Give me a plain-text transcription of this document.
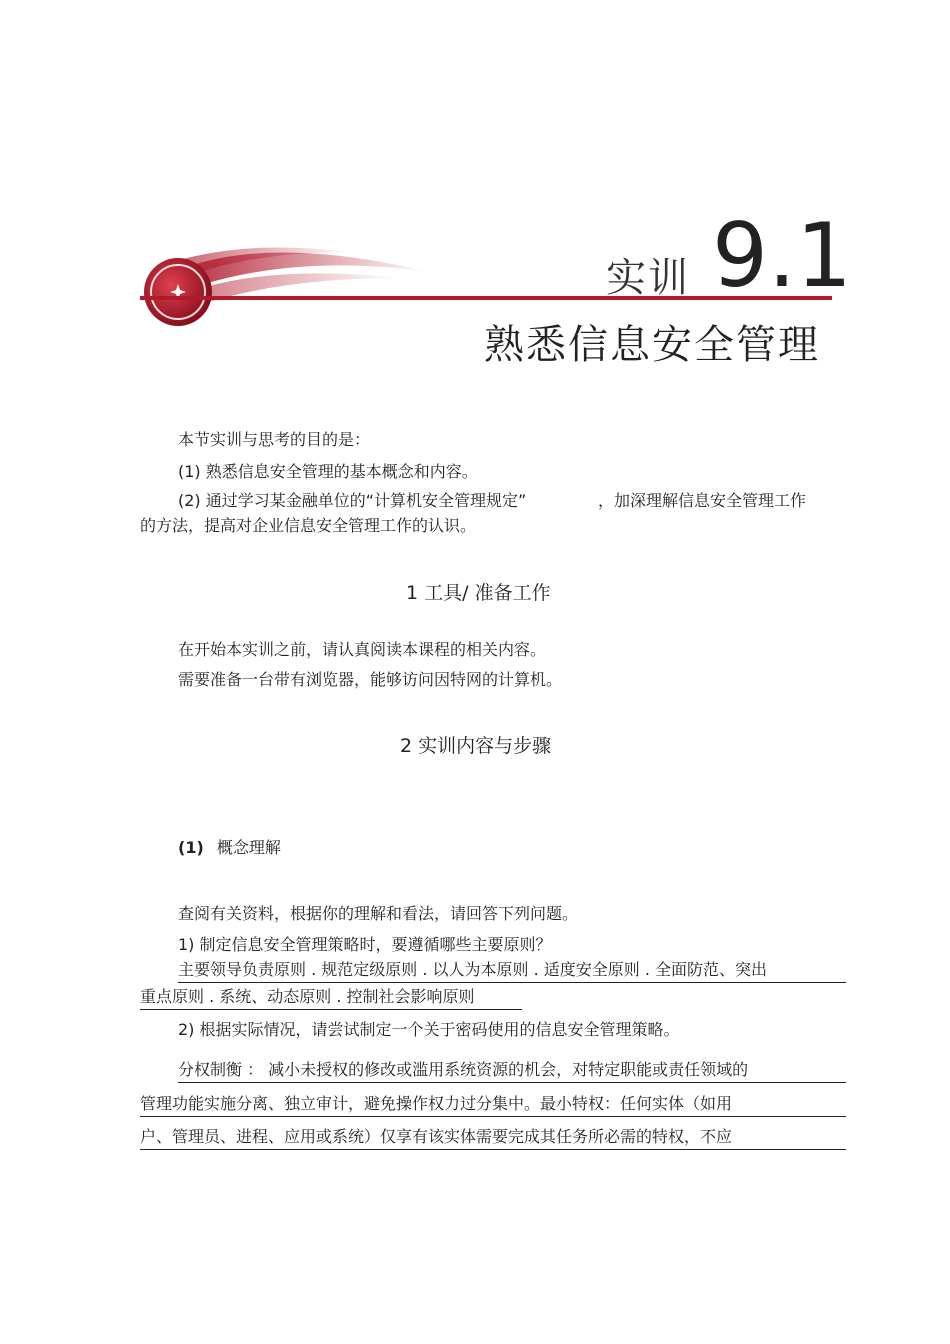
实训 9.1
熟悉信息安全管理
本节实训与思考的目的是：
(1) 熟悉信息安全管理的基本概念和内容。
(2) 通过学习某金融单位的“计算机安全管理规定”	，加深理解信息安全管理工作
的方法，提高对企业信息安全管理工作的认识。
1 工具/ 准备工作
在开始本实训之前，请认真阅读本课程的相关内容。
需要准备一台带有浏览器，能够访问因特网的计算机。
2 实训内容与步骤
(1) 概念理解
查阅有关资料，根据你的理解和看法，请回答下列问题。
1) 制定信息安全管理策略时，要遵循哪些主要原则？
主要领导负责原则 . 规范定级原则 . 以人为本原则 . 适度安全原则 . 全面防范、突出
重点原则 . 系统、动态原则 . 控制社会影响原则
2) 根据实际情况，请尝试制定一个关于密码使用的信息安全管理策略。
分权制衡 ： 减小未授权的修改或滥用系统资源的机会，对特定职能或责任领域的
管理功能实施分离、独立审计，避免操作权力过分集中。最小特权：任何实体（如用
户、管理员、进程、应用或系统）仅享有该实体需要完成其任务所必需的特权，不应
